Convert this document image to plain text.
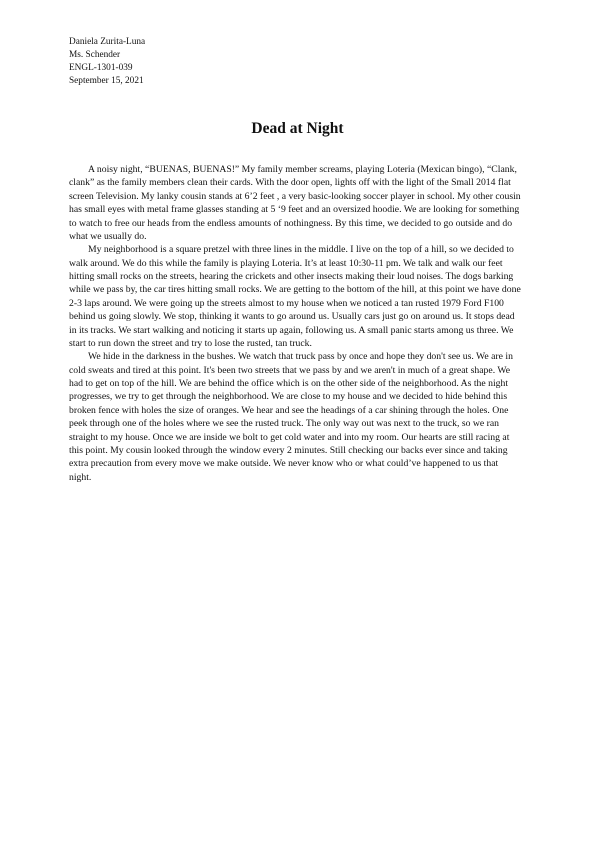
Daniela Zurita-Luna
Ms. Schender
ENGL-1301-039
September 15, 2021
Dead at Night

A noisy night, “BUENAS, BUENAS!” My family member screams, playing Loteria (Mexican bingo), “Clank, clank” as the family members clean their cards. With the door open, lights off with the light of the Small 2014 flat screen Television. My lanky cousin stands at 6’2 feet , a very basic-looking soccer player in school. My other cousin has small eyes with metal frame glasses standing at 5 ‘9 feet and an oversized hoodie. We are looking for something to watch to free our heads from the endless amounts of nothingness. By this time, we decided to go outside and do what we usually do.

My neighborhood is a square pretzel with three lines in the middle. I live on the top of a hill, so we decided to walk around. We do this while the family is playing Loteria. It’s at least 10:30-11 pm. We talk and walk our feet hitting small rocks on the streets, hearing the crickets and other insects making their loud noises. The dogs barking while we pass by, the car tires hitting small rocks. We are getting to the bottom of the hill, at this point we have done 2-3 laps around. We were going up the streets almost to my house when we noticed a tan rusted 1979 Ford F100 behind us going slowly. We stop, thinking it wants to go around us. Usually cars just go on around us. It stops dead in its tracks. We start walking and noticing it starts up again, following us. A small panic starts among us three. We start to run down the street and try to lose the rusted, tan truck.

We hide in the darkness in the bushes. We watch that truck pass by once and hope they don't see us. We are in cold sweats and tired at this point. It's been two streets that we pass by and we aren't in much of a great shape. We had to get on top of the hill. We are behind the office which is on the other side of the neighborhood. As the night progresses, we try to get through the neighborhood. We are close to my house and we decided to hide behind this broken fence with holes the size of oranges. We hear and see the headings of a car shining through the holes. One peek through one of the holes where we see the rusted truck. The only way out was next to the truck, so we ran straight to my house. Once we are inside we bolt to get cold water and into my room. Our hearts are still racing at this point. My cousin looked through the window every 2 minutes. Still checking our backs ever since and taking extra precaution from every move we make outside. We never know who or what could’ve happened to us that night.
